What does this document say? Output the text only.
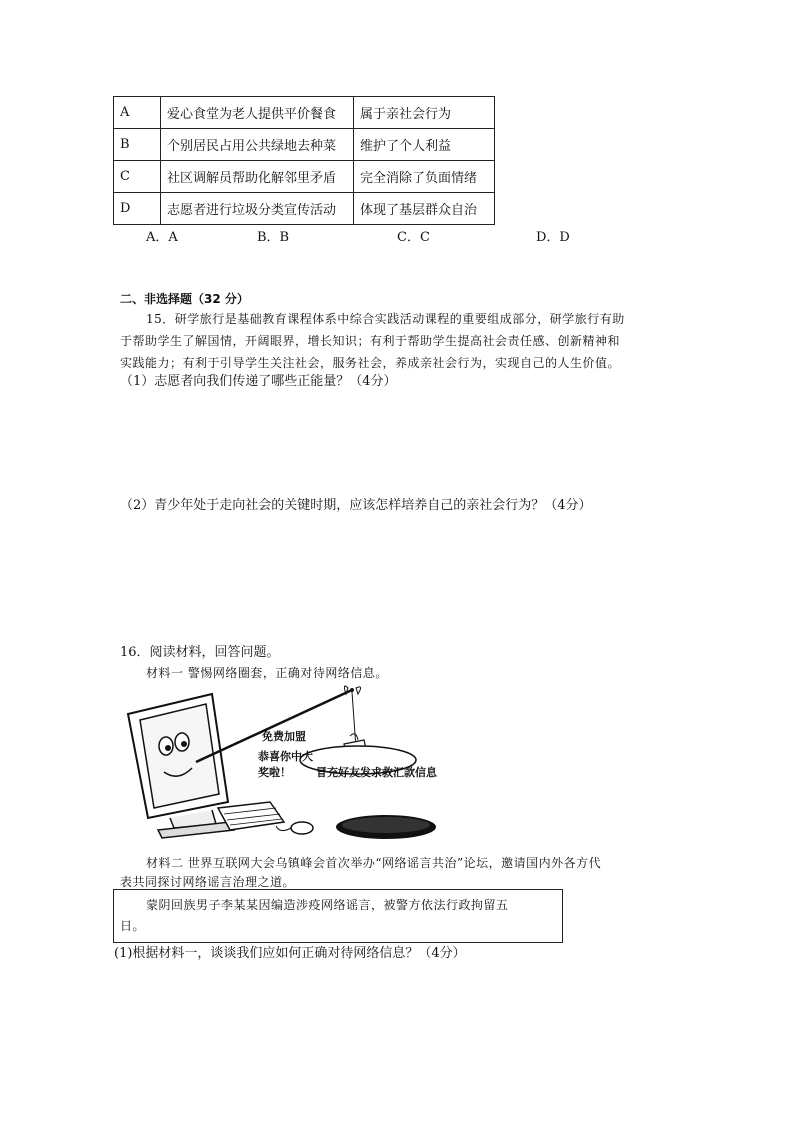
A	爱心食堂为老人提供平价餐食	属于亲社会行为
B	个别居民占用公共绿地去种菜	维护了个人利益
C	社区调解员帮助化解邻里矛盾	完全消除了负面情绪
D	志愿者进行垃圾分类宣传活动	体现了基层群众自治
A．A	B．B	C．C	D．D
二、非选择题（32 分）
15．研学旅行是基础教育课程体系中综合实践活动课程的重要组成部分，研学旅行有助
于帮助学生了解国情，开阔眼界，增长知识；有利于帮助学生提高社会责任感、创新精神和
实践能力；有利于引导学生关注社会，服务社会，养成亲社会行为，实现自己的人生价值。
（1）志愿者向我们传递了哪些正能量？（4分）
（2）青少年处于走向社会的关键时期，应该怎样培养自己的亲社会行为？（4分）
16．阅读材料，回答问题。
材料一 警惕网络圈套，正确对待网络信息。
免费加盟
恭喜你中大
奖啦！ 冒充好友发求救汇款信息
材料二 世界互联网大会乌镇峰会首次举办“网络谣言共治”论坛，邀请国内外各方代
表共同探讨网络谣言治理之道。
蒙阴回族男子李某某因编造涉疫网络谣言，被警方依法行政拘留五
日。
(1)根据材料一，谈谈我们应如何正确对待网络信息？（4分）
